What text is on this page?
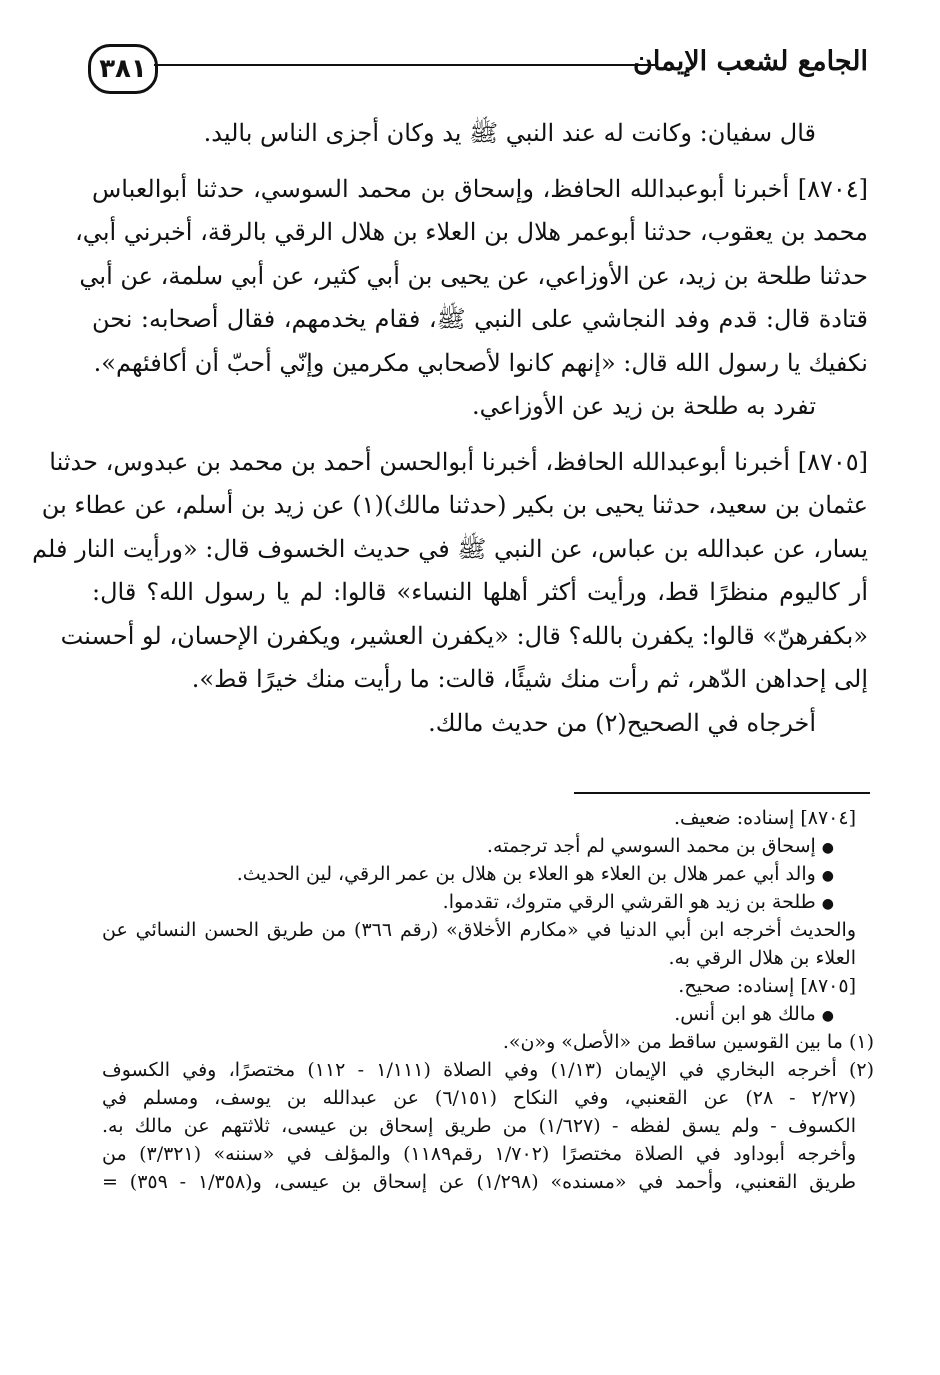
٣٨١	الجامع لشعب الإيمان
قال سفيان: وكانت له عند النبي ﷺ يد وكان أجزى الناس باليد.
[٨٧٠٤] أخبرنا أبوعبدالله الحافظ، وإسحاق بن محمد السوسي، حدثنا أبوالعباس
محمد بن يعقوب، حدثنا أبوعمر هلال بن العلاء بن هلال الرقي بالرقة، أخبرني أبي،
حدثنا طلحة بن زيد، عن الأوزاعي، عن يحيى بن أبي كثير، عن أبي سلمة، عن أبي
قتادة قال: قدم وفد النجاشي على النبي ﷺ، فقام يخدمهم، فقال أصحابه: نحن
نكفيك يا رسول الله قال: «إنهم كانوا لأصحابي مكرمين وإنّي أحبّ أن أكافئهم».
تفرد به طلحة بن زيد عن الأوزاعي.
[٨٧٠٥] أخبرنا أبوعبدالله الحافظ، أخبرنا أبوالحسن أحمد بن محمد بن عبدوس، حدثنا
عثمان بن سعيد، حدثنا يحيى بن بكير (حدثنا مالك)(١) عن زيد بن أسلم، عن عطاء بن
يسار، عن عبدالله بن عباس، عن النبي ﷺ في حديث الخسوف قال: «ورأيت النار فلم
أر كاليوم منظرًا قط، ورأيت أكثر أهلها النساء» قالوا: لم يا رسول الله؟ قال:
«بكفرهنّ» قالوا: يكفرن بالله؟ قال: «يكفرن العشير، ويكفرن الإحسان، لو أحسنت
إلى إحداهن الدّهر، ثم رأت منك شيئًا، قالت: ما رأيت منك خيرًا قط».
أخرجاه في الصحيح(٢) من حديث مالك.
[٨٧٠٤] إسناده: ضعيف.
●إسحاق بن محمد السوسي لم أجد ترجمته.
●والد أبي عمر هلال بن العلاء هو العلاء بن هلال بن عمر الرقي، لين الحديث.
●طلحة بن زيد هو القرشي الرقي متروك، تقدموا.
والحديث أخرجه ابن أبي الدنيا في «مكارم الأخلاق» (رقم ٣٦٦) من طريق الحسن النسائي عن
العلاء بن هلال الرقي به.
[٨٧٠٥] إسناده: صحيح.
●مالك هو ابن أنس.
(١) ما بين القوسين ساقط من «الأصل» و«ن».
(٢) أخرجه البخاري في الإيمان (١/١٣) وفي الصلاة (١/١١١ - ١١٢) مختصرًا، وفي الكسوف
(٢/٢٧ - ٢٨) عن القعنبي، وفي النكاح (٦/١٥١) عن عبدالله بن يوسف، ومسلم في
الكسوف - ولم يسق لفظه - (١/٦٢٧) من طريق إسحاق بن عيسى، ثلاثتهم عن مالك به.
وأخرجه أبوداود في الصلاة مختصرًا (١/٧٠٢ رقم١١٨٩) والمؤلف في «سننه» (٣/٣٢١) من
طريق القعنبي، وأحمد في «مسنده» (١/٢٩٨) عن إسحاق بن عيسى، و(١/٣٥٨ - ٣٥٩) =
